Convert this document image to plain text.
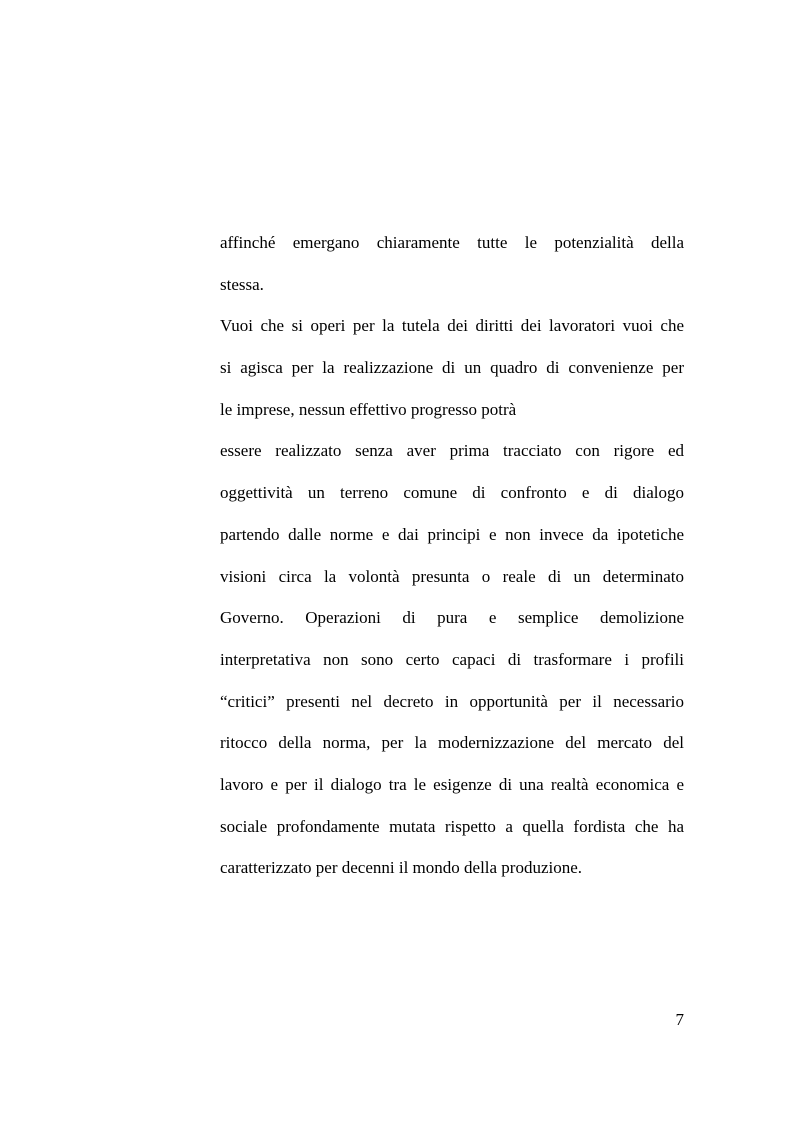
affinché emergano chiaramente tutte le potenzialità della
stessa.
Vuoi che si operi per la tutela dei diritti dei lavoratori vuoi che
si agisca per la realizzazione di un quadro di convenienze per
le imprese, nessun effettivo progresso potrà
essere realizzato senza aver prima tracciato con rigore ed
oggettività un terreno comune di confronto e di dialogo
partendo dalle norme e dai principi e non invece da ipotetiche
visioni circa la volontà presunta o reale di un determinato
Governo. Operazioni di pura e semplice demolizione
interpretativa non sono certo capaci di trasformare i profili
“critici” presenti nel decreto in opportunità per il necessario
ritocco della norma, per la modernizzazione del mercato del
lavoro e per il dialogo tra le esigenze di una realtà economica e
sociale profondamente mutata rispetto a quella fordista che ha
caratterizzato per decenni il mondo della produzione.
7
